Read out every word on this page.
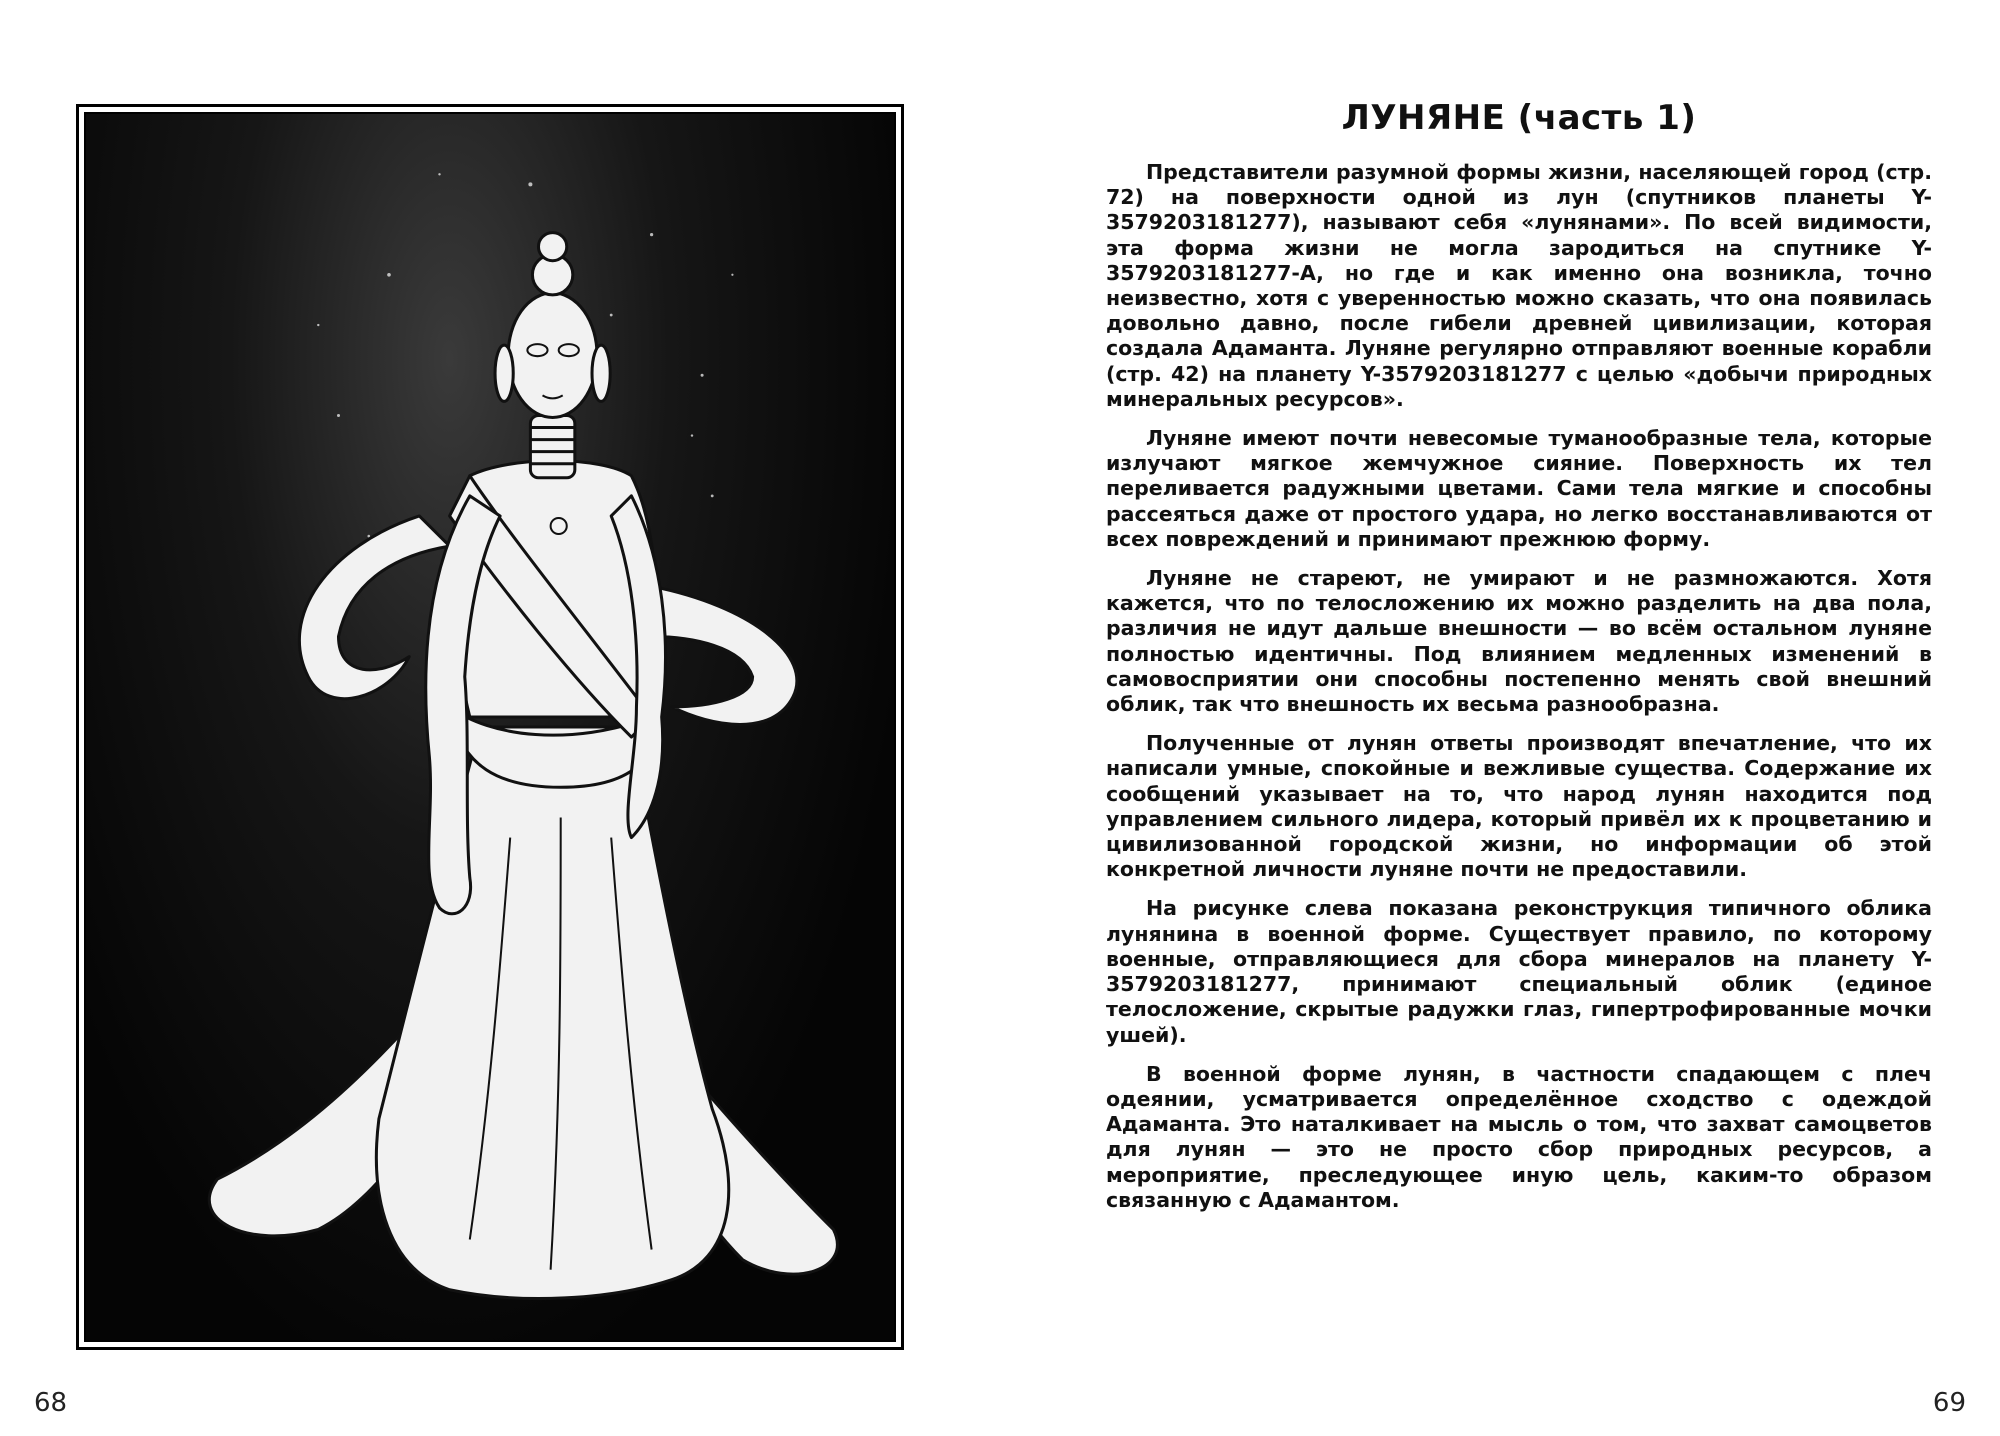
68
ЛУНЯНЕ (часть 1)

Представители разумной формы жизни, населяющей город (стр. 72) на поверхности одной из лун (спутников планеты Y-3579203181277), называют себя «лунянами». По всей видимости, эта форма жизни не могла зародиться на спутнике Y-3579203181277-A, но где и как именно она возникла, точно неизвестно, хотя с уверенностью можно сказать, что она появилась довольно давно, после гибели древней цивилизации, которая создала Адаманта. Луняне регулярно отправляют военные корабли (стр. 42) на планету Y-3579203181277 с целью «добычи природных минеральных ресурсов».

Луняне имеют почти невесомые туманообразные тела, которые излучают мягкое жемчужное сияние. Поверхность их тел переливается радужными цветами. Сами тела мягкие и способны рассеяться даже от простого удара, но легко восстанавливаются от всех повреждений и принимают прежнюю форму.

Луняне не стареют, не умирают и не размножаются. Хотя кажется, что по телосложению их можно разделить на два пола, различия не идут дальше внешности — во всём остальном луняне полностью идентичны. Под влиянием медленных изменений в самовосприятии они способны постепенно менять свой внешний облик, так что внешность их весьма разнообразна.

Полученные от лунян ответы производят впечатление, что их написали умные, спокойные и вежливые существа. Содержание их сообщений указывает на то, что народ лунян находится под управлением сильного лидера, который привёл их к процветанию и цивилизованной городской жизни, но информации об этой конкретной личности луняне почти не предоставили.

На рисунке слева показана реконструкция типичного облика лунянина в военной форме. Существует правило, по которому военные, отправляющиеся для сбора минералов на планету Y-3579203181277, принимают специальный облик (единое телосложение, скрытые радужки глаз, гипертрофированные мочки ушей).

В военной форме лунян, в частности спадающем с плеч одеянии, усматривается определённое сходство с одеждой Адаманта. Это наталкивает на мысль о том, что захват самоцветов для лунян — это не просто сбор природных ресурсов, а мероприятие, преследующее иную цель, каким-то образом связанную с Адамантом.

69
